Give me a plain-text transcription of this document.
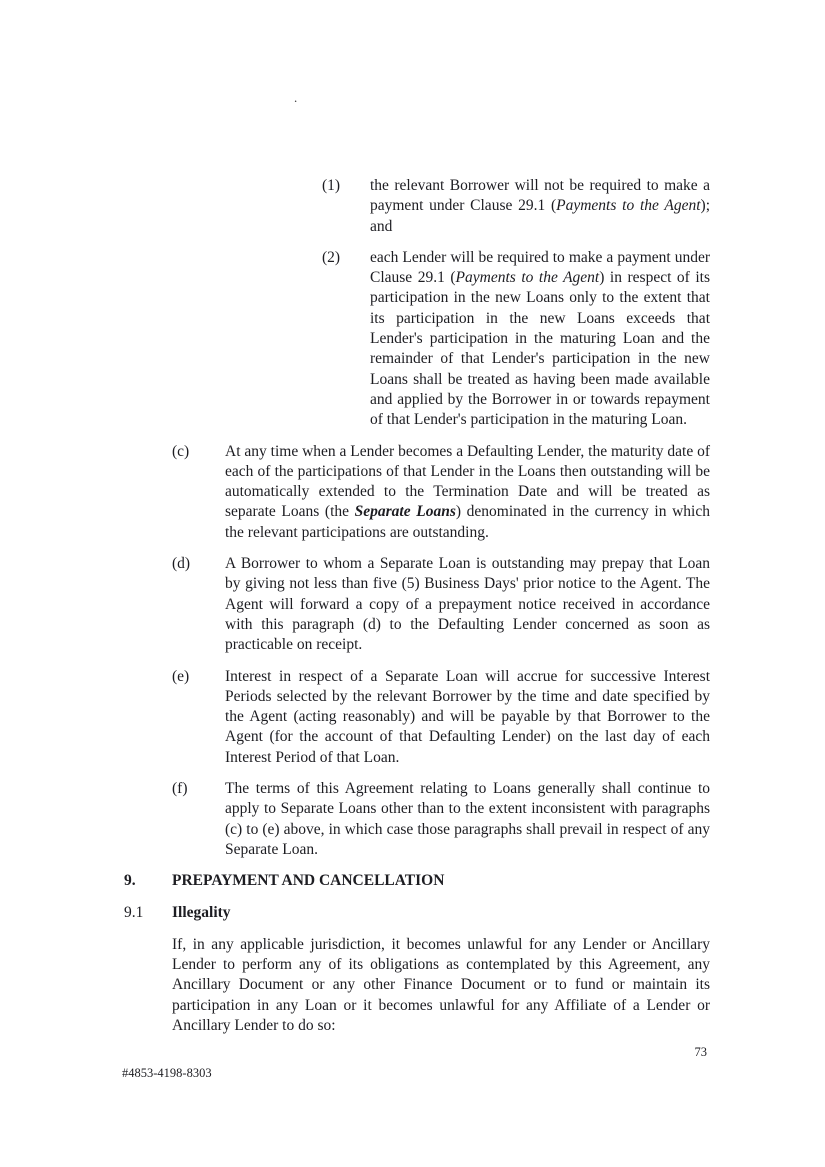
.
(1)	the relevant Borrower will not be required to make a payment under Clause 29.1 (Payments to the Agent); and
(2)	each Lender will be required to make a payment under Clause 29.1 (Payments to the Agent) in respect of its participation in the new Loans only to the extent that its participation in the new Loans exceeds that Lender's participation in the maturing Loan and the remainder of that Lender's participation in the new Loans shall be treated as having been made available and applied by the Borrower in or towards repayment of that Lender's participation in the maturing Loan.
(c)	At any time when a Lender becomes a Defaulting Lender, the maturity date of each of the participations of that Lender in the Loans then outstanding will be automatically extended to the Termination Date and will be treated as separate Loans (the Separate Loans) denominated in the currency in which the relevant participations are outstanding.
(d)	A Borrower to whom a Separate Loan is outstanding may prepay that Loan by giving not less than five (5) Business Days' prior notice to the Agent. The Agent will forward a copy of a prepayment notice received in accordance with this paragraph (d) to the Defaulting Lender concerned as soon as practicable on receipt.
(e)	Interest in respect of a Separate Loan will accrue for successive Interest Periods selected by the relevant Borrower by the time and date specified by the Agent (acting reasonably) and will be payable by that Borrower to the Agent (for the account of that Defaulting Lender) on the last day of each Interest Period of that Loan.
(f)	The terms of this Agreement relating to Loans generally shall continue to apply to Separate Loans other than to the extent inconsistent with paragraphs (c) to (e) above, in which case those paragraphs shall prevail in respect of any Separate Loan.
9.	PREPAYMENT AND CANCELLATION
9.1	Illegality
If, in any applicable jurisdiction, it becomes unlawful for any Lender or Ancillary Lender to perform any of its obligations as contemplated by this Agreement, any Ancillary Document or any other Finance Document or to fund or maintain its participation in any Loan or it becomes unlawful for any Affiliate of a Lender or Ancillary Lender to do so:
73
#4853-4198-8303
